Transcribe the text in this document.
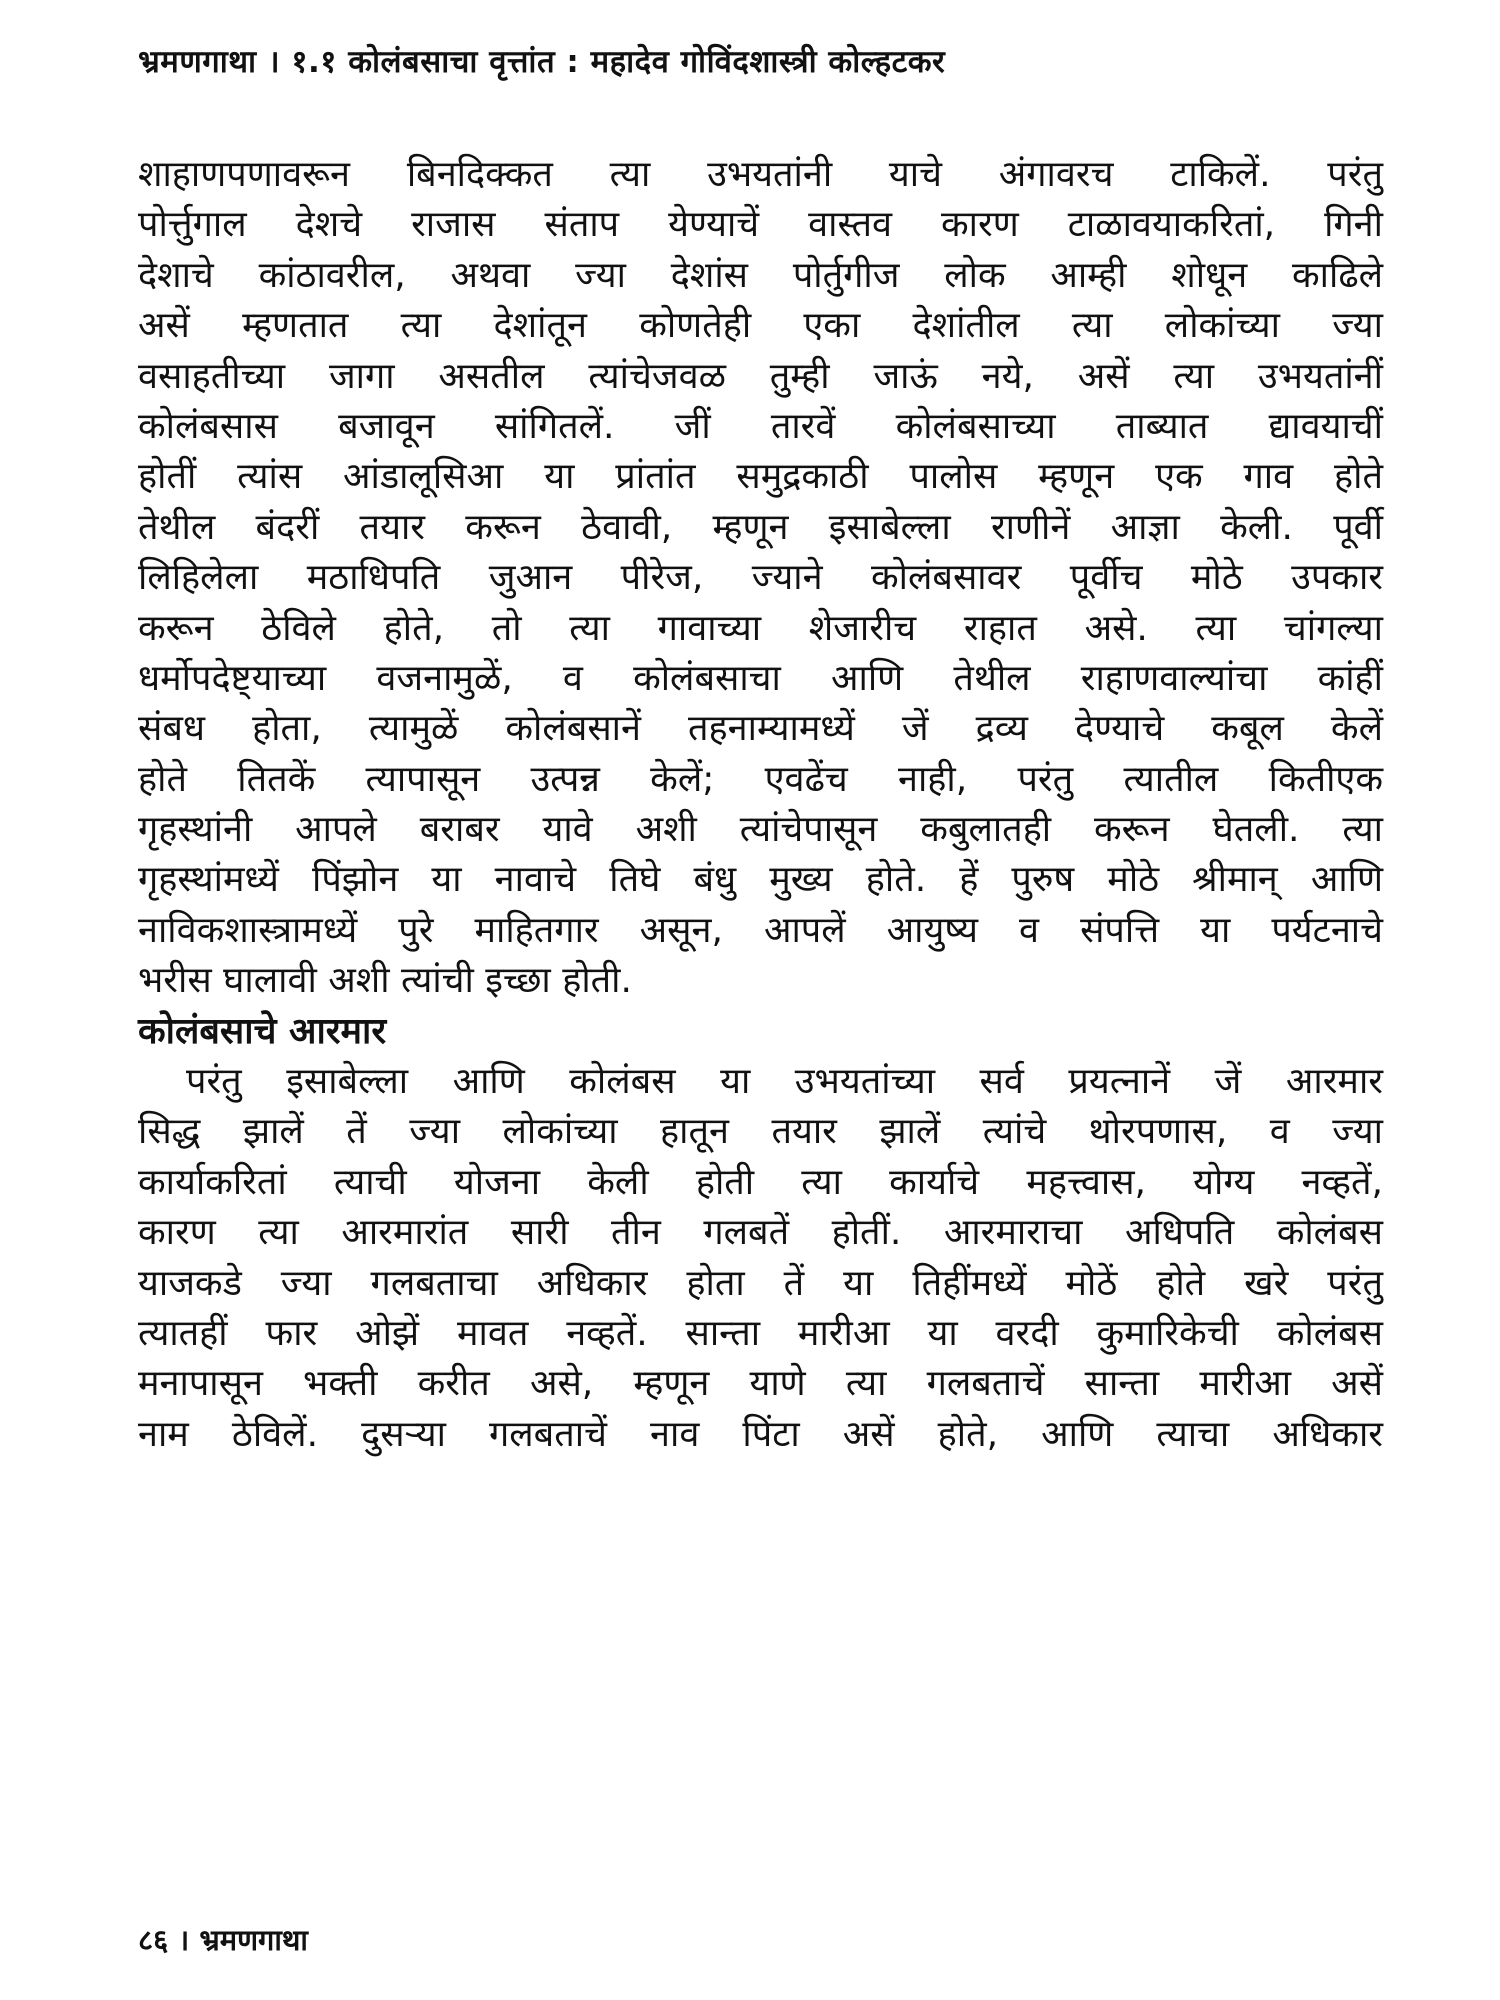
भ्रमणगाथा । १.१ कोलंबसाचा वृत्तांत : महादेव गोविंदशास्त्री कोल्हटकर
शाहाणपणावरून बिनदिक्कत त्या उभयतांनी याचे अंगावरच टाकिलें. परंतु
पोर्त्तुगाल देशचे राजास संताप येण्याचें वास्तव कारण टाळावयाकरितां, गिनी
देशाचे कांठावरील, अथवा ज्या देशांस पोर्तुगीज लोक आम्ही शोधून काढिले
असें म्हणतात त्या देशांतून कोणतेही एका देशांतील त्या लोकांच्या ज्या
वसाहतीच्या जागा असतील त्यांचेजवळ तुम्ही जाऊं नये, असें त्या उभयतांनीं
कोलंबसास बजावून सांगितलें. जीं तारवें कोलंबसाच्या ताब्यात द्यावयाचीं
होतीं त्यांस आंडालूसिआ या प्रांतांत समुद्रकाठी पालोस म्हणून एक गाव होते
तेथील बंदरीं तयार करून ठेवावी, म्हणून इसाबेल्ला राणीनें आज्ञा केली. पूर्वी
लिहिलेला मठाधिपति जुआन पीरेज, ज्याने कोलंबसावर पूर्वीच मोठे उपकार
करून ठेविले होते, तो त्या गावाच्या शेजारीच राहात असे. त्या चांगल्या
धर्मोपदेष्ट्याच्या वजनामुळें, व कोलंबसाचा आणि तेथील राहाणवाल्यांचा कांहीं
संबध होता, त्यामुळें कोलंबसानें तहनाम्यामध्यें जें द्रव्य देण्याचे कबूल केलें
होते तितकें त्यापासून उत्पन्न केलें; एवढेंच नाही, परंतु त्यातील कितीएक
गृहस्थांनी आपले बराबर यावे अशी त्यांचेपासून कबुलातही करून घेतली. त्या
गृहस्थांमध्यें पिंझोन या नावाचे तिघे बंधु मुख्य होते. हें पुरुष मोठे श्रीमान् आणि
नाविकशास्त्रामध्यें पुरे माहितगार असून, आपलें आयुष्य व संपत्ति या पर्यटनाचे
भरीस घालावी अशी त्यांची इच्छा होती.
कोलंबसाचे आरमार
परंतु इसाबेल्ला आणि कोलंबस या उभयतांच्या सर्व प्रयत्नानें जें आरमार
सिद्ध झालें तें ज्या लोकांच्या हातून तयार झालें त्यांचे थोरपणास, व ज्या
कार्याकरितां त्याची योजना केली होती त्या कार्याचे महत्त्वास, योग्य नव्हतें,
कारण त्या आरमारांत सारी तीन गलबतें होतीं. आरमाराचा अधिपति कोलंबस
याजकडे ज्या गलबताचा अधिकार होता तें या तिहींमध्यें मोठें होते खरे परंतु
त्यातहीं फार ओझें मावत नव्हतें. सान्ता मारीआ या वरदी कुमारिकेची कोलंबस
मनापासून भक्ती करीत असे, म्हणून याणे त्या गलबताचें सान्ता मारीआ असें
नाम ठेविलें. दुसऱ्या गलबताचें नाव पिंटा असें होते, आणि त्याचा अधिकार
८६ । भ्रमणगाथा
